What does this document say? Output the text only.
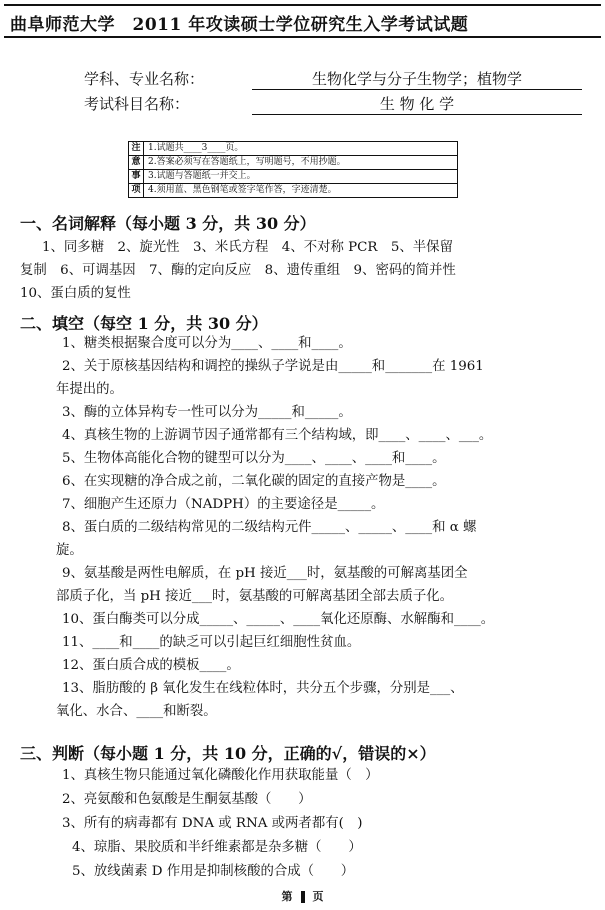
曲阜师范大学　2011 年攻读硕士学位研究生入学考试试题
学科、专业名称：	生物化学与分子生物学；植物学
考试科目名称：	生 物 化 学
注	1.试题共____3____页。
意	2.答案必须写在答题纸上，写明题号，不用抄题。
事	3.试题与答题纸一并交上。
项	4.须用蓝、黑色钢笔或签字笔作答，字迹清楚。
一、名词解释（每小题 3 分，共 30 分）
1、同多糖　2、旋光性　3、米氏方程　4、不对称 PCR　5、半保留
复制　6、可调基因　7、酶的定向反应　8、遗传重组　9、密码的简并性
10、蛋白质的复性
二、填空（每空 1 分，共 30 分）
1、糖类根据聚合度可以分为____、____和____。
2、关于原核基因结构和调控的操纵子学说是由_____和_______在 1961
年提出的。
3、酶的立体异构专一性可以分为_____和_____。
4、真核生物的上游调节因子通常都有三个结构域，即____、____、___。
5、生物体高能化合物的键型可以分为____、____、____和____。
6、在实现糖的净合成之前，二氧化碳的固定的直接产物是____。
7、细胞产生还原力（NADPH）的主要途径是_____。
8、蛋白质的二级结构常见的二级结构元件_____、_____、____和 α 螺
旋。
9、氨基酸是两性电解质，在 pH 接近___时，氨基酸的可解离基团全
部质子化，当 pH 接近___时，氨基酸的可解离基团全部去质子化。
10、蛋白酶类可以分成_____、_____、____氧化还原酶、水解酶和____。
11、____和____的缺乏可以引起巨红细胞性贫血。
12、蛋白质合成的模板____。
13、脂肪酸的 β 氧化发生在线粒体时，共分五个步骤，分别是___、
氧化、水合、____和断裂。
三、判断（每小题 1 分，共 10 分，正确的√，错误的×）
1、真核生物只能通过氧化磷酸化作用获取能量（　）
2、亮氨酸和色氨酸是生酮氨基酸（　　）
3、所有的病毒都有 DNA 或 RNA 或两者都有(　)
4、琼脂、果胶质和半纤维素都是杂多糖（　　）
5、放线菌素 D 作用是抑制核酸的合成（　　）
第 页
